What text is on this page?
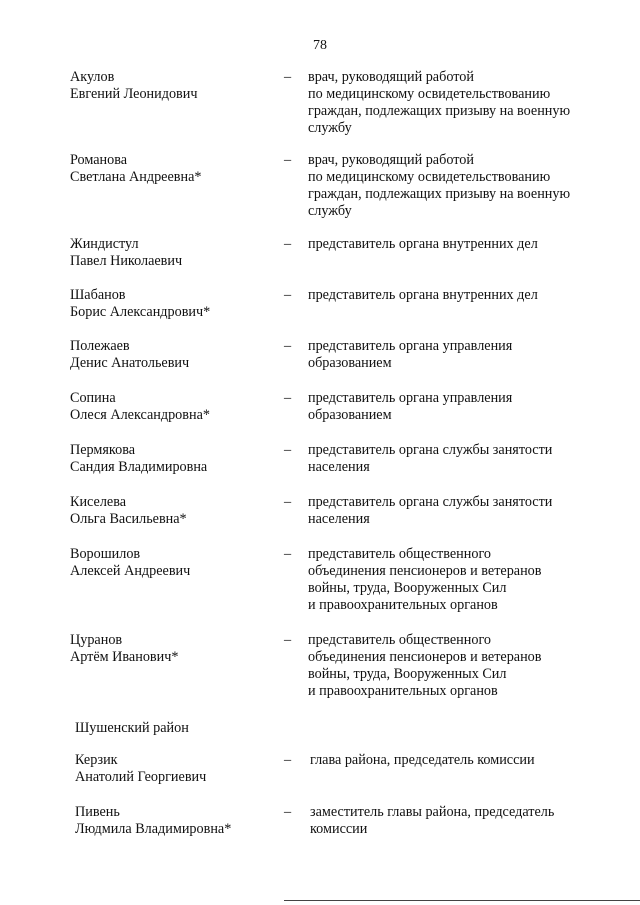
78
Акулов
Евгений Леонидович
– врач, руководящий работой
по медицинскому освидетельствованию
граждан, подлежащих призыву на военную
службу
Романова
Светлана Андреевна*
– врач, руководящий работой
по медицинскому освидетельствованию
граждан, подлежащих призыву на военную
службу
Жиндистул
Павел Николаевич
– представитель органа внутренних дел
Шабанов
Борис Александрович*
– представитель органа внутренних дел
Полежаев
Денис Анатольевич
– представитель органа управления
образованием
Сопина
Олеся Александровна*
– представитель органа управления
образованием
Пермякова
Сандия Владимировна
– представитель органа службы занятости
населения
Киселева
Ольга Васильевна*
– представитель органа службы занятости
населения
Ворошилов
Алексей Андреевич
– представитель общественного
объединения пенсионеров и ветеранов
войны, труда, Вооруженных Сил
и правоохранительных органов
Цуранов
Артём Иванович*
– представитель общественного
объединения пенсионеров и ветеранов
войны, труда, Вооруженных Сил
и правоохранительных органов
Шушенский район
Керзик
Анатолий Георгиевич
– глава района, председатель комиссии
Пивень
Людмила Владимировна*
– заместитель главы района, председатель
комиссии
